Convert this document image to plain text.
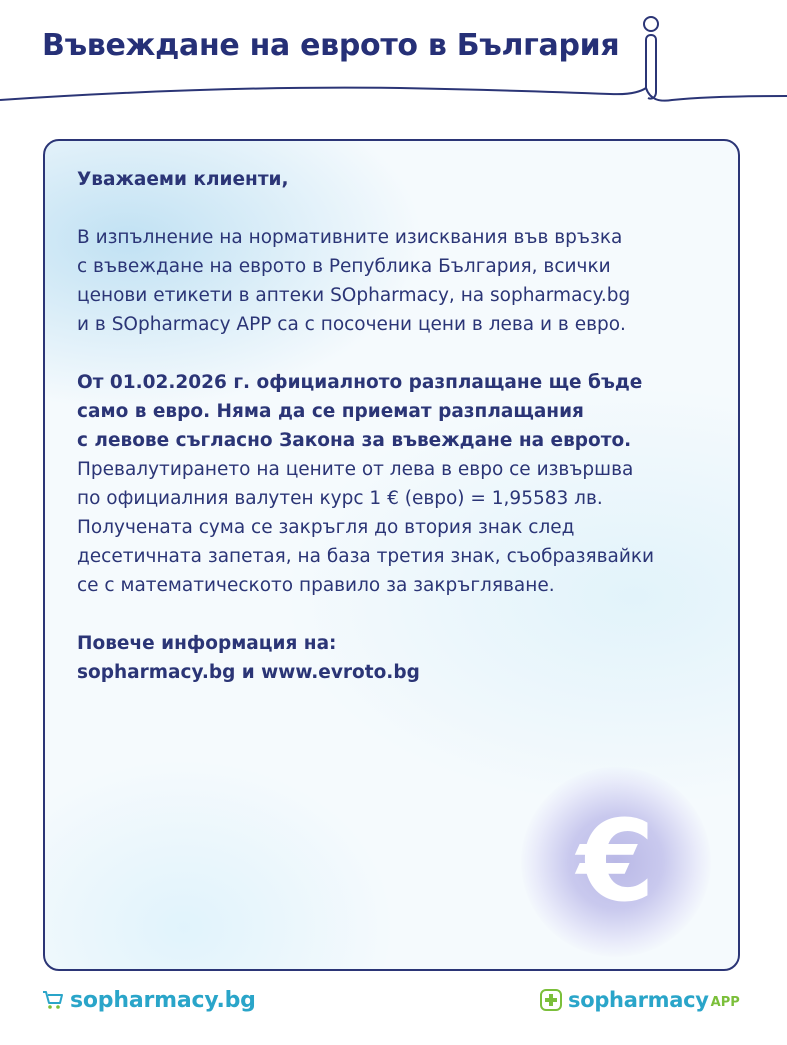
Въвеждане на еврото в България

Уважаеми клиенти,

В изпълнение на нормативните изисквания във връзка
с въвеждане на еврото в Република България, всички
ценови етикети в аптеки SOpharmacy, на sopharmacy.bg
и в SOpharmacy APP са с посочени цени в лева и в евро.

От 01.02.2026 г. официалното разплащане ще бъде
само в евро. Няма да се приемат разплащания
с левове съгласно Закона за въвеждане на еврото.
Превалутирането на цените от лева в евро се извършва
по официалния валутен курс 1 € (евро) = 1,95583 лв.
Получената сума се закръгля до втория знак след
десетичната запетая, на база третия знак, съобразявайки
се с математическото правило за закръгляване.

Повече информация на:
sopharmacy.bg и www.evroto.bg

€
sopharmacy.bg	sopharmacy APP
